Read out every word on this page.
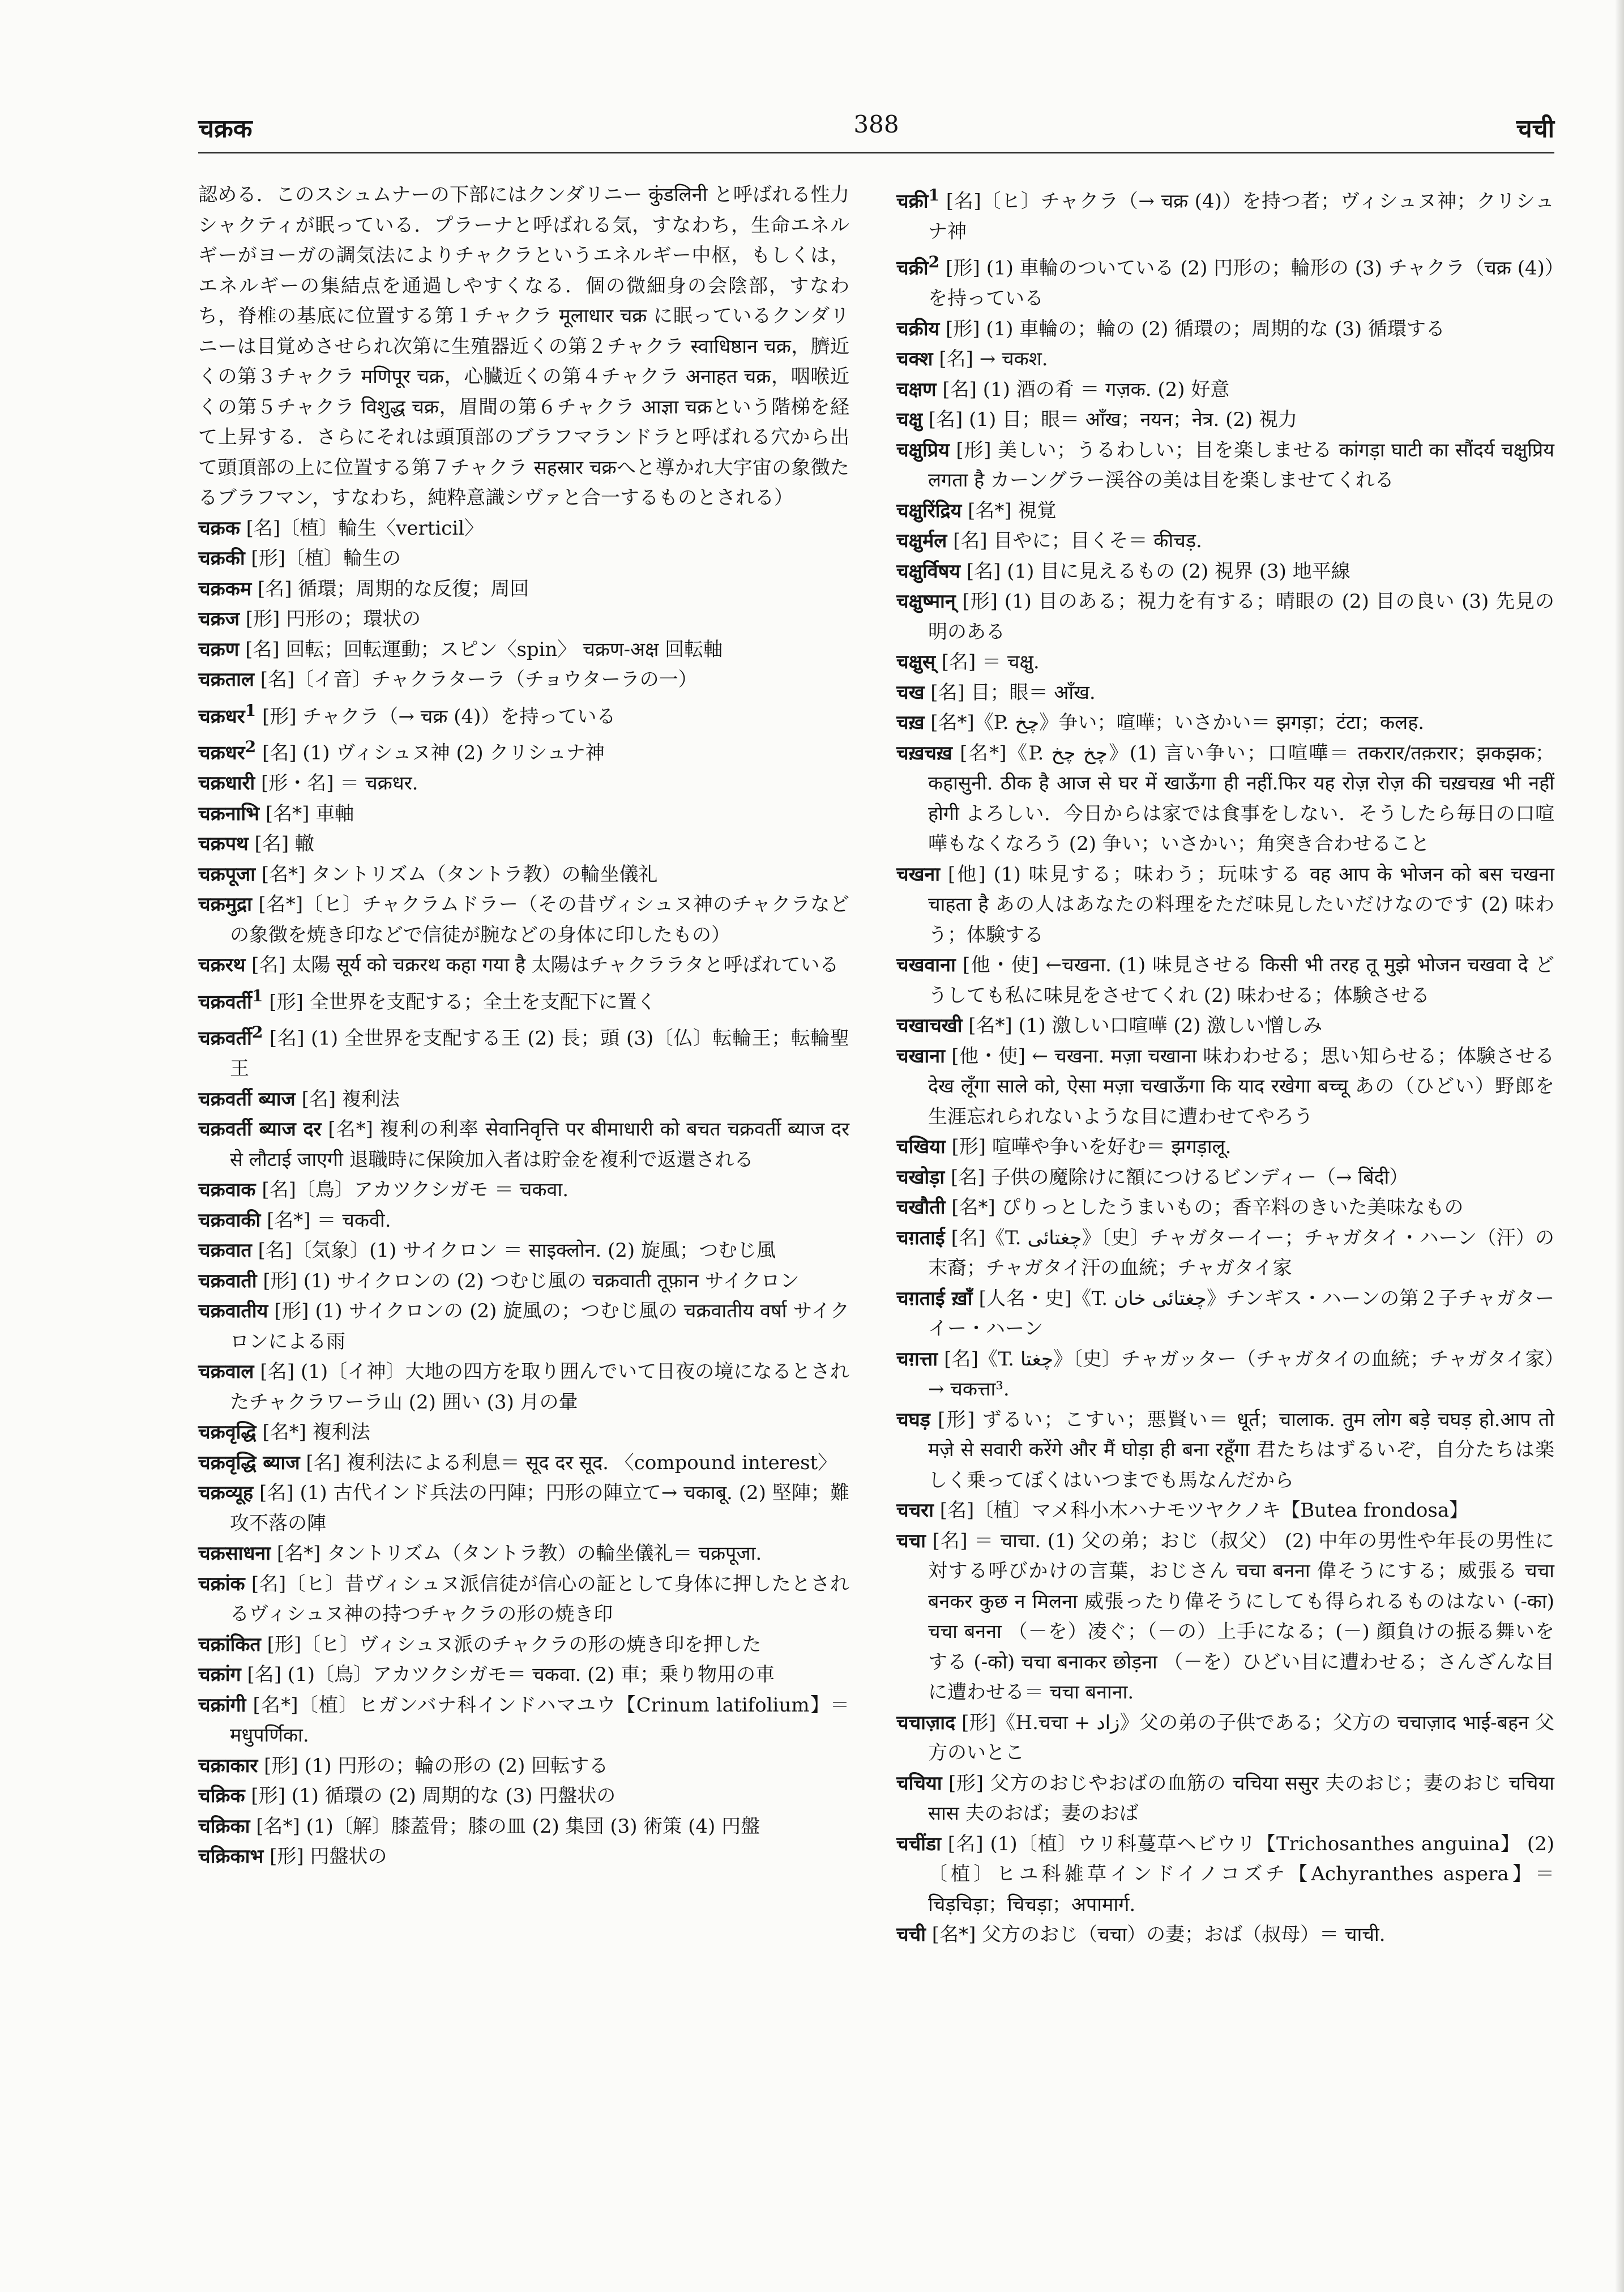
388
चक्रक	चची

認める．このスシュムナーの下部にはクンダリニー कुंडलिनी と呼ばれる性力シャクティが眠っている．プラーナと呼ばれる気，すなわち，生命エネルギーがヨーガの調気法によりチャクラというエネルギー中枢，もしくは，エネルギーの集結点を通過しやすくなる．個の微細身の会陰部，すなわち，脊椎の基底に位置する第１チャクラ मूलाधार चक्र に眠っているクンダリニーは目覚めさせられ次第に生殖器近くの第２チャクラ स्वाधिष्ठान चक्र，臍近くの第３チャクラ मणिपूर चक्र，心臓近くの第４チャクラ अनाहत चक्र，咽喉近くの第５チャクラ विशुद्ध चक्र，眉間の第６チャクラ आज्ञा चक्रという階梯を経て上昇する．さらにそれは頭頂部のブラフマランドラと呼ばれる穴から出て頭頂部の上に位置する第７チャクラ सहस्रार चक्रへと導かれ大宇宙の象徴たるブラフマン，すなわち，純粋意識シヴァと合一するものとされる）

चक्रक [名]〔植〕輪生〈verticil〉

चक्रकी [形]〔植〕輪生の

चक्रकम [名] 循環；周期的な反復；周回

चक्रज [形] 円形の；環状の

चक्रण [名] 回転；回転運動；スピン〈spin〉 चक्रण-अक्ष 回転軸

चक्रताल [名]〔イ音〕チャクラターラ（チョウターラの一）

चक्रधर$^1$ [形] チャクラ（→ चक्र (4)）を持っている

चक्रधर$^2$ [名] (1) ヴィシュヌ神 (2) クリシュナ神

चक्रधारी [形・名] ＝ चक्रधर.

चक्रनाभि [名*] 車軸

चक्रपथ [名] 轍

चक्रपूजा [名*] タントリズム（タントラ教）の輪坐儀礼

चक्रमुद्रा [名*]〔ヒ〕チャクラムドラー（その昔ヴィシュヌ神のチャクラなどの象徴を焼き印などで信徒が腕などの身体に印したもの）

चक्ररथ [名] 太陽 सूर्य को चक्ररथ कहा गया है 太陽はチャクララタと呼ばれている

चक्रवर्ती$^1$ [形] 全世界を支配する；全土を支配下に置く

चक्रवर्ती$^2$ [名] (1) 全世界を支配する王 (2) 長；頭 (3)〔仏〕転輪王；転輪聖王

चक्रवर्ती ब्याज [名] 複利法

चक्रवर्ती ब्याज दर [名*] 複利の利率 सेवानिवृत्ति पर बीमाधारी को बचत चक्रवर्ती ब्याज दर से लौटाई जाएगी 退職時に保険加入者は貯金を複利で返還される

चक्रवाक [名]〔鳥〕アカツクシガモ ＝ चकवा.

चक्रवाकी [名*] ＝ चकवी.

चक्रवात [名]〔気象〕(1) サイクロン ＝ साइक्लोन. (2) 旋風；つむじ風

चक्रवाती [形] (1) サイクロンの (2) つむじ風の चक्रवाती तूफ़ान サイクロン

चक्रवातीय [形] (1) サイクロンの (2) 旋風の；つむじ風の चक्रवातीय वर्षा サイクロンによる雨

चक्रवाल [名] (1)〔イ神〕大地の四方を取り囲んでいて日夜の境になるとされたチャクラワーラ山 (2) 囲い (3) 月の暈

चक्रवृद्धि [名*] 複利法

चक्रवृद्धि ब्याज [名] 複利法による利息＝ सूद दर सूद. 〈compound interest〉

चक्रव्यूह [名] (1) 古代インド兵法の円陣；円形の陣立て→ चकाबू. (2) 堅陣；難攻不落の陣

चक्रसाधना [名*] タントリズム（タントラ教）の輪坐儀礼＝ चक्रपूजा.

चक्रांक [名]〔ヒ〕昔ヴィシュヌ派信徒が信心の証として身体に押したとされるヴィシュヌ神の持つチャクラの形の焼き印

चक्रांकित [形]〔ヒ〕ヴィシュヌ派のチャクラの形の焼き印を押した

चक्रांग [名] (1)〔鳥〕アカツクシガモ＝ चकवा. (2) 車；乗り物用の車

चक्रांगी [名*]〔植〕ヒガンバナ科インドハマユウ【Crinum latifolium】＝ मधुपर्णिका.

चक्राकार [形] (1) 円形の；輪の形の (2) 回転する

चक्रिक [形] (1) 循環の (2) 周期的な (3) 円盤状の

चक्रिका [名*] (1)〔解〕膝蓋骨；膝の皿 (2) 集団 (3) 術策 (4) 円盤

चक्रिकाभ [形] 円盤状の

चक्री$^1$ [名]〔ヒ〕チャクラ（→ चक्र (4)）を持つ者；ヴィシュヌ神；クリシュナ神

चक्री$^2$ [形] (1) 車輪のついている (2) 円形の；輪形の (3) チャクラ（चक्र (4)）を持っている

चक्रीय [形] (1) 車輪の；輪の (2) 循環の；周期的な (3) 循環する

चक्श [名] → चकश.

चक्षण [名] (1) 酒の肴 ＝ गज़क. (2) 好意

चक्षु [名] (1) 目；眼＝ आँख；नयन；नेत्र. (2) 視力

चक्षुप्रिय [形] 美しい；うるわしい；目を楽しませる कांगड़ा घाटी का सौंदर्य चक्षुप्रिय लगता है カーングラー渓谷の美は目を楽しませてくれる

चक्षुरिंद्रिय [名*] 視覚

चक्षुर्मल [名] 目やに；目くそ＝ कीचड़.

चक्षुर्विषय [名] (1) 目に見えるもの (2) 視界 (3) 地平線

चक्षुष्मान् [形] (1) 目のある；視力を有する；晴眼の (2) 目の良い (3) 先見の明のある

चक्षुस् [名] ＝ चक्षु.

चख [名] 目；眼＝ आँख.

चख़ [名*]《P. چخ》争い；喧嘩；いさかい＝ झगड़ा；टंटा；कलह.

चख़चख़ [名*]《P. چخ چخ》(1) 言い争い；口喧嘩＝ तकरार/तक़रार；झकझक；कहासुनी. ठीक है आज से घर में खाऊँगा ही नहीं.फिर यह रोज़ रोज़ की चख़चख़ भी नहीं होगी よろしい．今日からは家では食事をしない．そうしたら毎日の口喧嘩もなくなろう (2) 争い；いさかい；角突き合わせること

चखना [他] (1) 味見する；味わう；玩味する वह आप के भोजन को बस चखना चाहता है あの人はあなたの料理をただ味見したいだけなのです (2) 味わう；体験する

चखवाना [他・使] ←चखना. (1) 味見させる किसी भी तरह तू मुझे भोजन चखवा दे どうしても私に味見をさせてくれ (2) 味わせる；体験させる

चखाचखी [名*] (1) 激しい口喧嘩 (2) 激しい憎しみ

चखाना [他・使] ← चखना. मज़ा चखाना 味わわせる；思い知らせる；体験させる देख लूँगा साले को, ऐसा मज़ा चखाऊँगा कि याद रखेगा बच्चू あの（ひどい）野郎を生涯忘れられないような目に遭わせてやろう

चखिया [形] 喧嘩や争いを好む＝ झगड़ालू.

चखोड़ा [名] 子供の魔除けに額につけるビンディー（→ बिंदी）

चखौती [名*] ぴりっとしたうまいもの；香辛料のきいた美味なもの

चग़ताई [名]《T. چغتائی》〔史〕チャガターイー；チャガタイ・ハーン（汗）の末裔；チャガタイ汗の血統；チャガタイ家

चग़ताई ख़ाँ [人名・史]《T. چغتائی خان》チンギス・ハーンの第２子チャガターイー・ハーン

चग़त्ता [名]《T. چغتا》〔史〕チャガッター（チャガタイの血統；チャガタイ家）→ चकत्ता³.

चघड़ [形] ずるい；こすい；悪賢い＝ धूर्त；चालाक. तुम लोग बड़े चघड़ हो.आप तो मज़े से सवारी करेंगे और मैं घोड़ा ही बना रहूँगा 君たちはずるいぞ，自分たちは楽しく乗ってぼくはいつまでも馬なんだから

चचरा [名]〔植〕マメ科小木ハナモツヤクノキ【Butea frondosa】

चचा [名] ＝ चाचा. (1) 父の弟；おじ（叔父） (2) 中年の男性や年長の男性に対する呼びかけの言葉，おじさん चचा बनना 偉そうにする；威張る चचा बनकर कुछ न मिलना 威張ったり偉そうにしても得られるものはない (-का) चचा बनना （－を）凌ぐ；（－の）上手になる；(－) 顔負けの振る舞いをする (-को) चचा बनाकर छोड़ना （－を）ひどい目に遭わせる；さんざんな目に遭わせる＝ चचा बनाना.

चचाज़ाद [形]《H.चचा + زاد》父の弟の子供である；父方の चचाज़ाद भाई-बहन 父方のいとこ

चचिया [形] 父方のおじやおばの血筋の चचिया ससुर 夫のおじ；妻のおじ चचिया सास 夫のおば；妻のおば

चचींडा [名] (1)〔植〕ウリ科蔓草ヘビウリ【Trichosanthes anguina】 (2)〔植〕ヒユ科雑草インドイノコズチ【Achyranthes aspera】＝ चिड़चिड़ा；चिचड़ा；अपामार्ग.

चची [名*] 父方のおじ（चचा）の妻；おば（叔母）＝ चाची.
